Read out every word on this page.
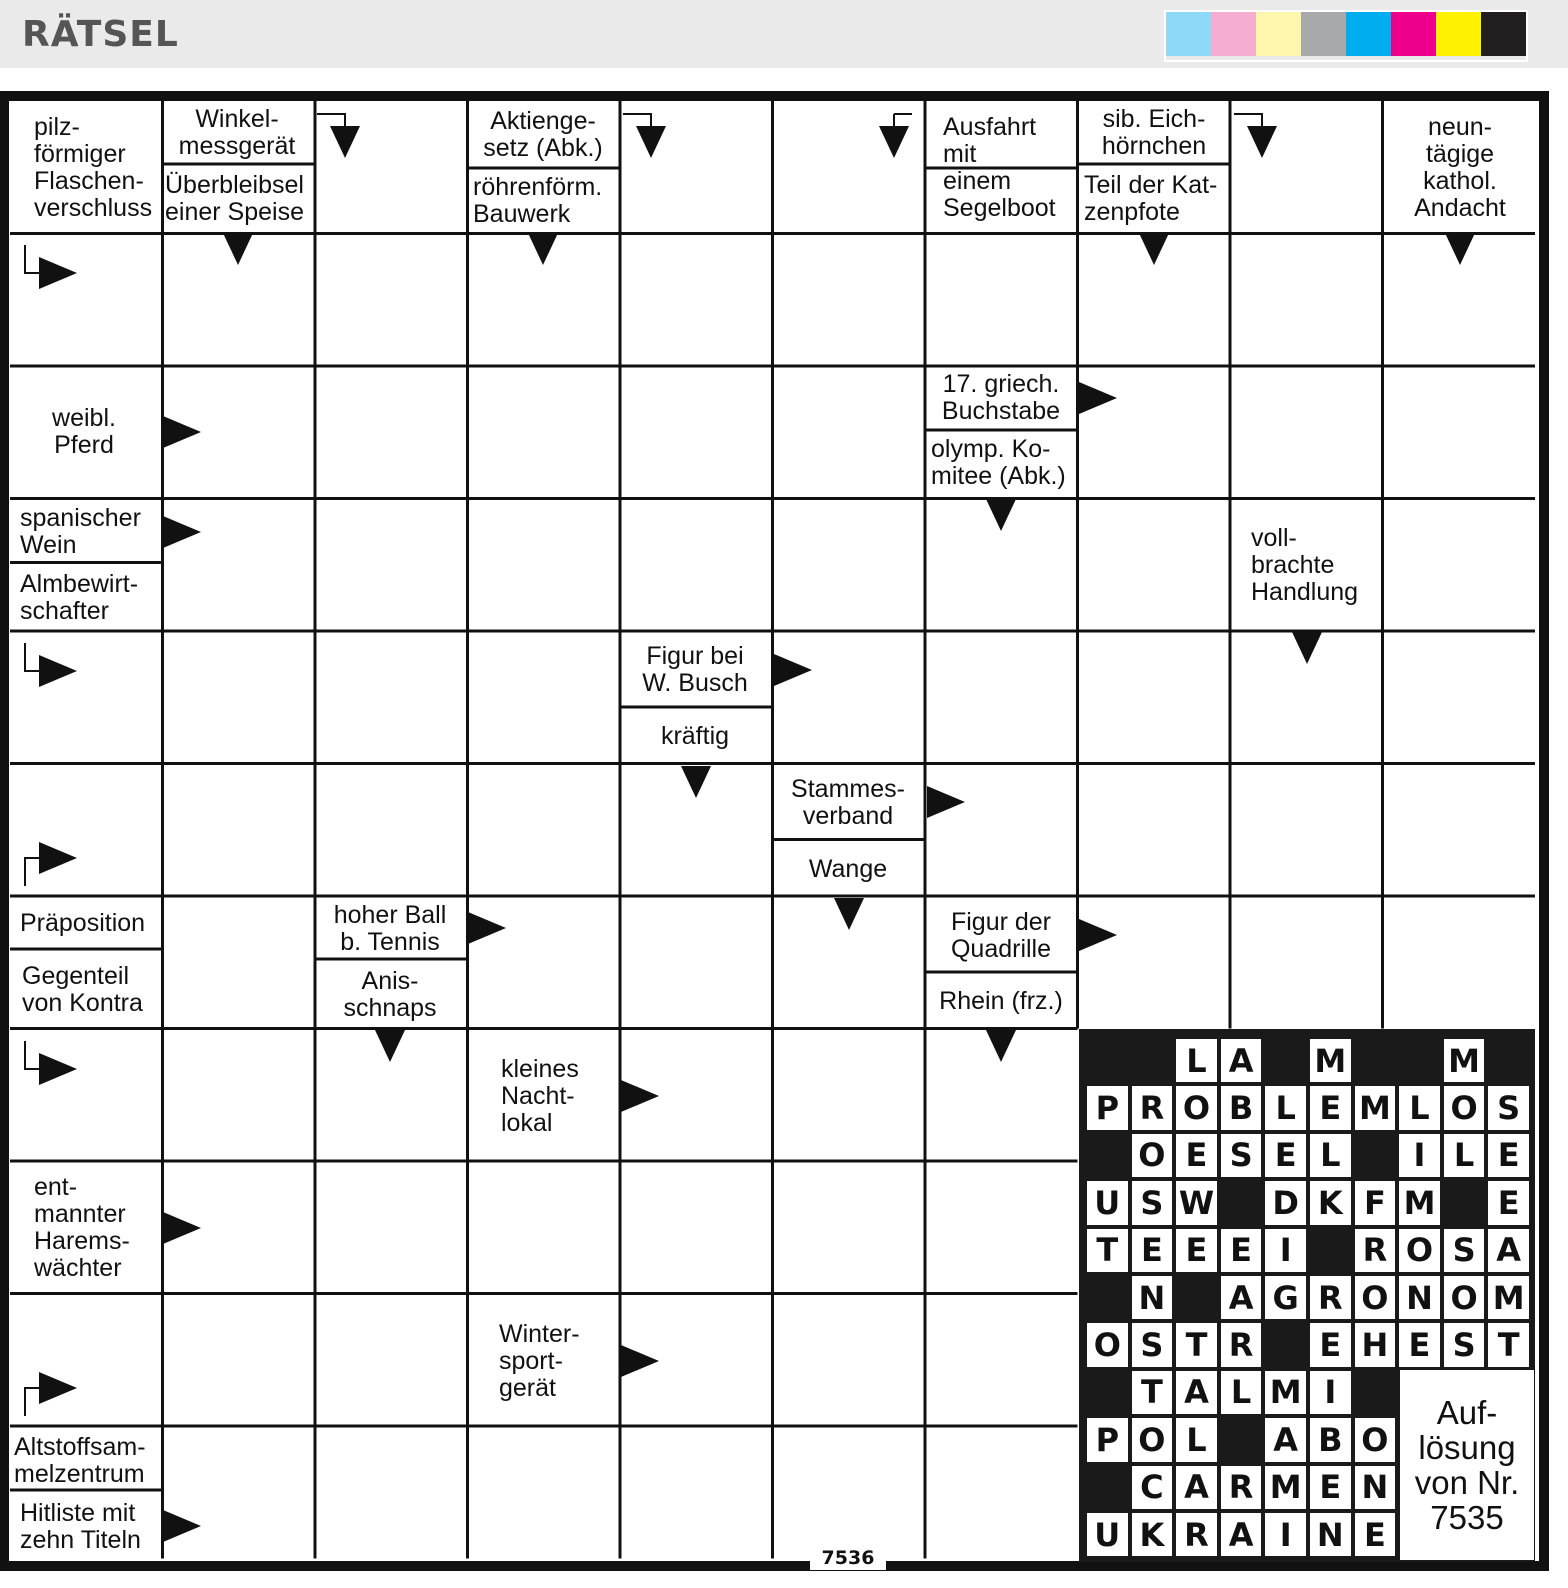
RÄTSEL
pilz-
förmiger
Flaschen-
verschluss
Winkel-
messgerät
Überbleibsel
einer Speise
Aktienge-
setz (Abk.)
röhrenförm.
Bauwerk
Ausfahrt
mit
einem
Segelboot
sib. Eich-
hörnchen
Teil der Kat-
zenpfote
neun-
tägige
kathol.
Andacht
weibl.
Pferd
17. griech.
Buchstabe
olymp. Ko-
mitee (Abk.)
spanischer
Wein
Almbewirt-
schafter
voll-
brachte
Handlung
Figur bei
W. Busch
kräftig
Stammes-
verband
Wange
Präposition
Gegenteil
von Kontra
hoher Ball
b. Tennis
Anis-
schnaps
Figur der
Quadrille
Rhein (frz.)
kleines
Nacht-
lokal
ent-
mannter
Harems-
wächter
Winter-
sport-
gerät
Altstoffsam-
melzentrum
Hitliste mit
zehn Titeln
L A M	M
P R O B L E M L O S
O E S E L	I L E
U S W D K F M E
T E E E I	R O S A
N A G R O N O M
O S T R E H E S T
T A L M I
P O L	A B O
C A R M E N
U K R A I N E
Auf-
lösung
von Nr.
7535
7536
